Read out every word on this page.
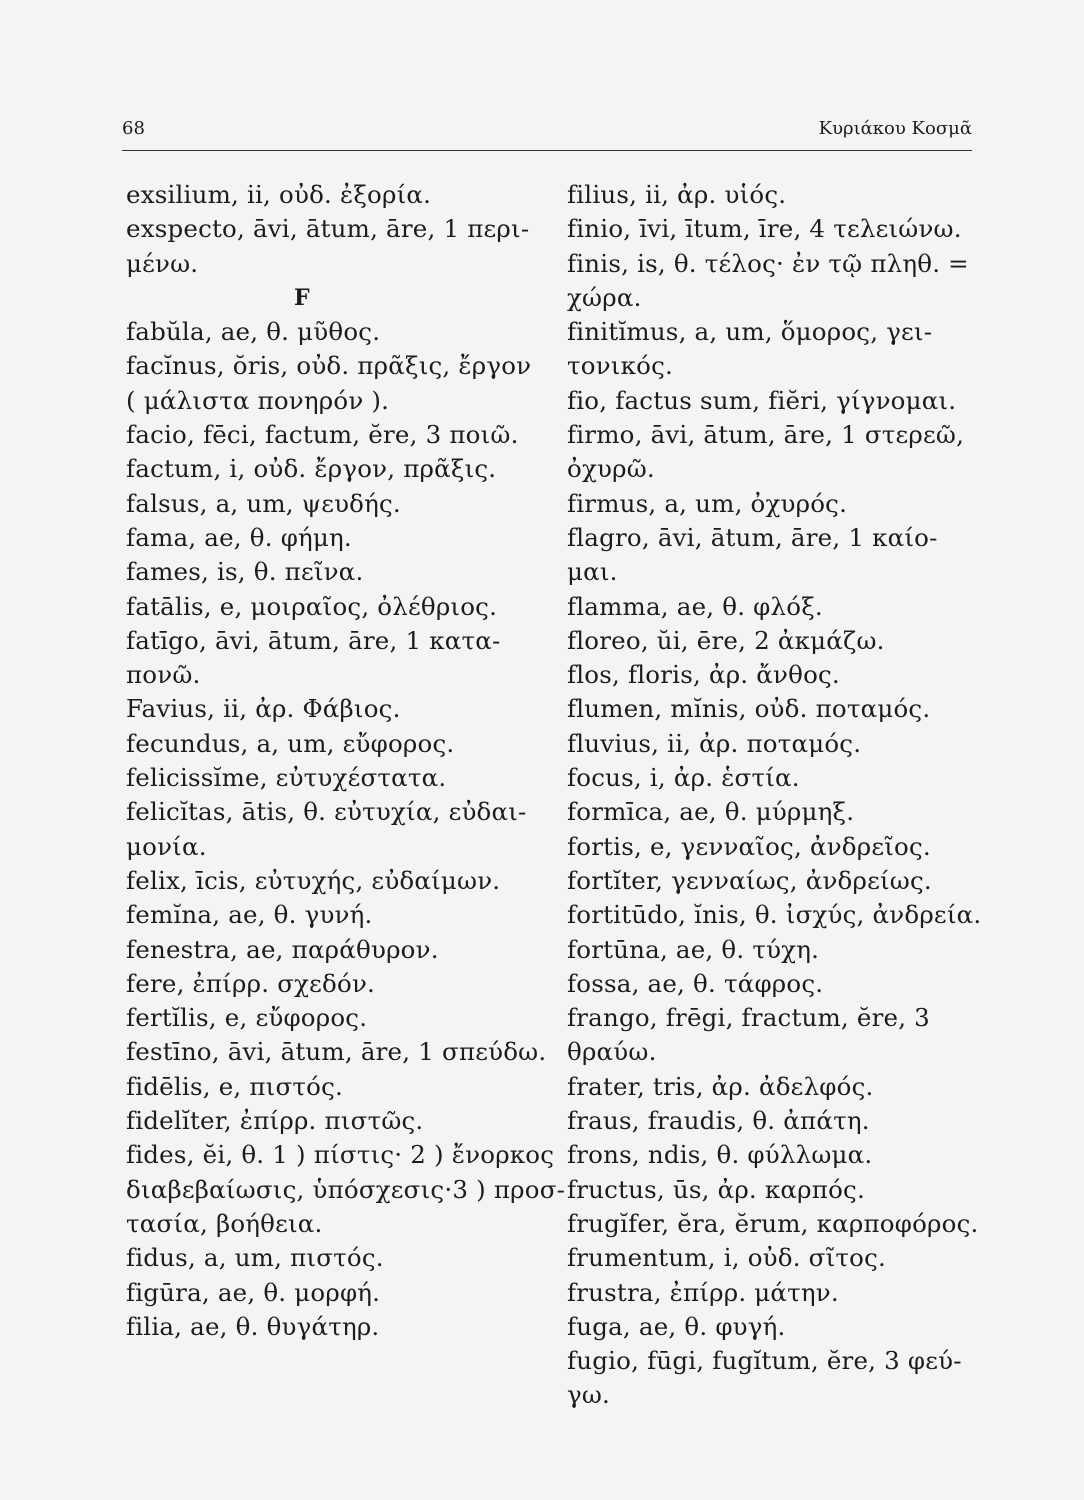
68	Κυριάκου Κοσμᾶ
exsilium, ii, οὐδ. ἐξορία.
exspecto, āvi, ātum, āre, 1 περι-
μένω.
F
fabŭla, ae, θ. μῦθος.
facĭnus, ŏris, οὐδ. πρᾶξις, ἔργον
( μάλιστα πονηρόν ).
facio, fēci, factum, ĕre, 3 ποιῶ.
factum, i, οὐδ. ἔργον, πρᾶξις.
falsus, a, um, ψευδής.
fama, ae, θ. φήμη.
fames, is, θ. πεῖνα.
fatālis, e, μοιραῖος, ὀλέθριος.
fatīgo, āvi, ātum, āre, 1 κατα-
πονῶ.
Favius, ii, ἀρ. Φάβιος.
fecundus, a, um, εὔφορος.
felicissĭme, εὐτυχέστατα.
felicĭtas, ātis, θ. εὐτυχία, εὐδαι-
μονία.
felix, īcis, εὐτυχής, εὐδαίμων.
femĭna, ae, θ. γυνή.
fenestra, ae, παράθυρον.
fere, ἐπίρρ. σχεδόν.
fertĭlis, e, εὔφορος.
festīno, āvi, ātum, āre, 1 σπεύδω.
fidēlis, e, πιστός.
fidelĭter, ἐπίρρ. πιστῶς.
fides, ĕi, θ. 1 ) πίστις· 2 ) ἔνορκος
διαβεβαίωσις, ὑπόσχεσις·3 ) προσ-
τασία, βοήθεια.
fidus, a, um, πιστός.
figūra, ae, θ. μορφή.
filia, ae, θ. θυγάτηρ.
filius, ii, ἀρ. υἱός.
finio, īvi, ītum, īre, 4 τελειώνω.
finis, is, θ. τέλος· ἐν τῷ πληθ. =
χώρα.
finitĭmus, a, um, ὅμορος, γει-
τονικός.
fio, factus sum, fiĕri, γίγνομαι.
firmo, āvi, ātum, āre, 1 στερεῶ,
ὀχυρῶ.
firmus, a, um, ὀχυρός.
flagro, āvi, ātum, āre, 1 καίο-
μαι.
flamma, ae, θ. φλόξ.
floreo, ŭi, ēre, 2 ἀκμάζω.
flos, floris, ἀρ. ἄνθος.
flumen, mĭnis, οὐδ. ποταμός.
fluvius, ii, ἀρ. ποταμός.
focus, i, ἀρ. ἑστία.
formīca, ae, θ. μύρμηξ.
fortis, e, γενναῖος, ἀνδρεῖος.
fortĭter, γενναίως, ἀνδρείως.
fortitūdo, ĭnis, θ. ἰσχύς, ἀνδρεία.
fortūna, ae, θ. τύχη.
fossa, ae, θ. τάφρος.
frango, frēgi, fractum, ĕre, 3
θραύω.
frater, tris, ἀρ. ἀδελφός.
fraus, fraudis, θ. ἀπάτη.
frons, ndis, θ. φύλλωμα.
fructus, ūs, ἀρ. καρπός.
frugĭfer, ĕra, ĕrum, καρποφόρος.
frumentum, i, οὐδ. σῖτος.
frustra, ἐπίρρ. μάτην.
fuga, ae, θ. φυγή.
fugio, fūgi, fugĭtum, ĕre, 3 φεύ-
γω.
